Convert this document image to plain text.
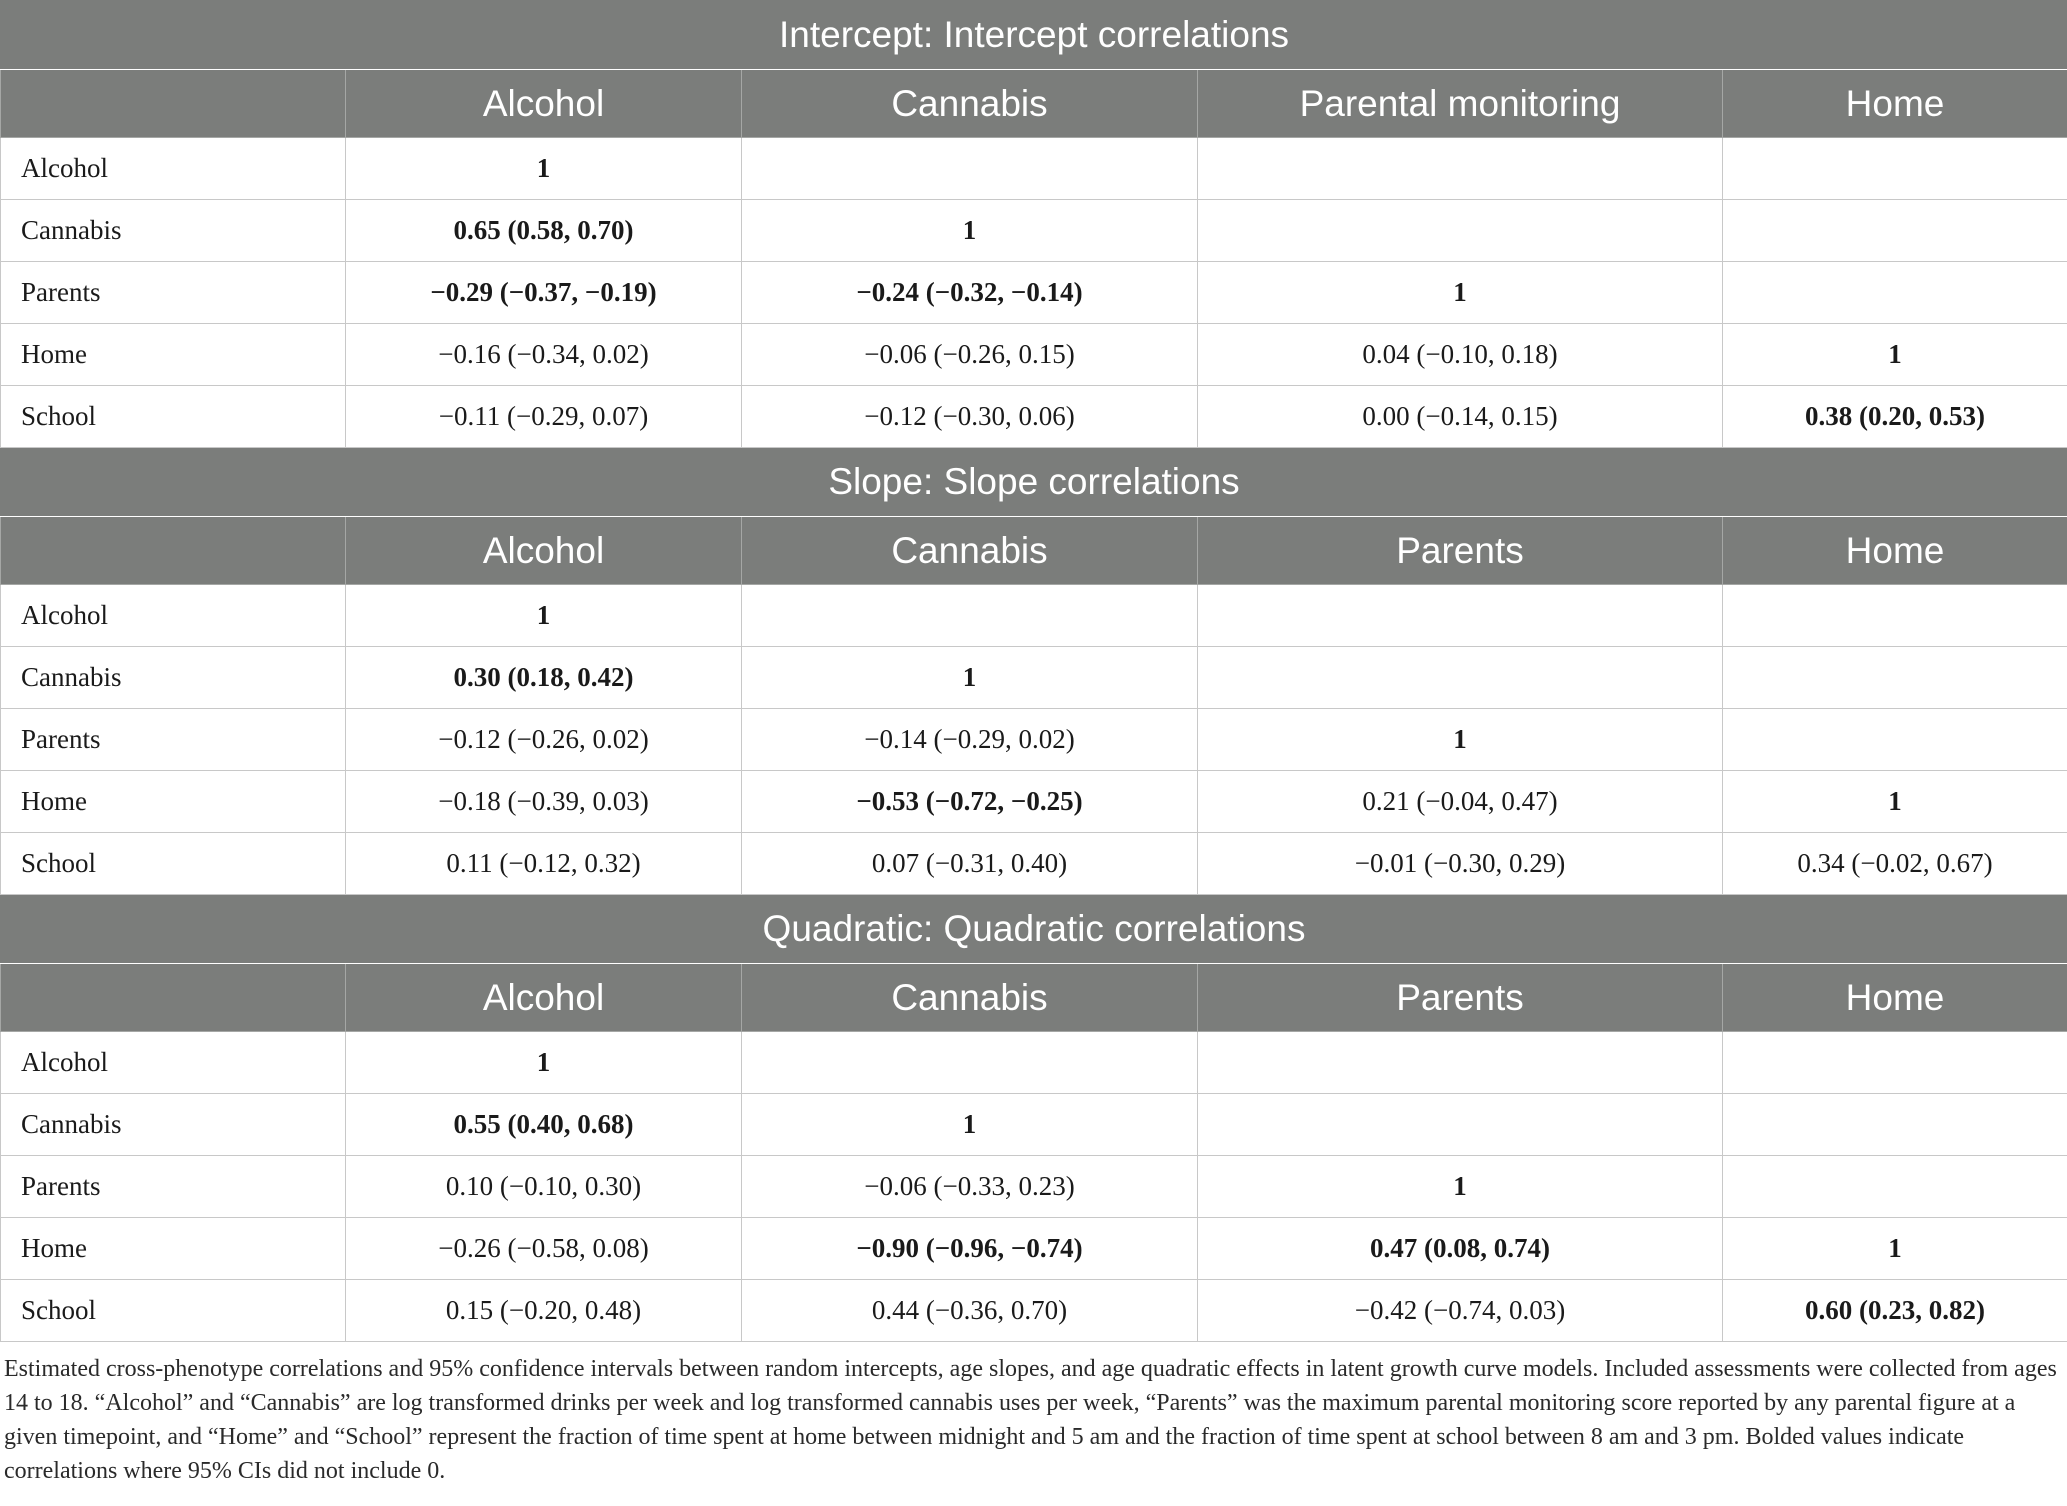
Intercept: Intercept correlations				
	Alcohol	Cannabis	Parental monitoring	Home
Alcohol	1			
Cannabis	0.65 (0.58, 0.70)	1		
Parents	−0.29 (−0.37, −0.19)	−0.24 (−0.32, −0.14)	1	
Home	−0.16 (−0.34, 0.02)	−0.06 (−0.26, 0.15)	0.04 (−0.10, 0.18)	1
School	−0.11 (−0.29, 0.07)	−0.12 (−0.30, 0.06)	0.00 (−0.14, 0.15)	0.38 (0.20, 0.53)
Slope: Slope correlations				
	Alcohol	Cannabis	Parents	Home
Alcohol	1			
Cannabis	0.30 (0.18, 0.42)	1		
Parents	−0.12 (−0.26, 0.02)	−0.14 (−0.29, 0.02)	1	
Home	−0.18 (−0.39, 0.03)	−0.53 (−0.72, −0.25)	0.21 (−0.04, 0.47)	1
School	0.11 (−0.12, 0.32)	0.07 (−0.31, 0.40)	−0.01 (−0.30, 0.29)	0.34 (−0.02, 0.67)
Quadratic: Quadratic correlations				
	Alcohol	Cannabis	Parents	Home
Alcohol	1			
Cannabis	0.55 (0.40, 0.68)	1		
Parents	0.10 (−0.10, 0.30)	−0.06 (−0.33, 0.23)	1	
Home	−0.26 (−0.58, 0.08)	−0.90 (−0.96, −0.74)	0.47 (0.08, 0.74)	1
School	0.15 (−0.20, 0.48)	0.44 (−0.36, 0.70)	−0.42 (−0.74, 0.03)	0.60 (0.23, 0.82)
Estimated cross-phenotype correlations and 95% confidence intervals between random intercepts, age slopes, and age quadratic effects in latent growth curve models. Included assessments were collected from ages 14 to 18. “Alcohol” and “Cannabis” are log transformed drinks per week and log transformed cannabis uses per week, “Parents” was the maximum parental monitoring score reported by any parental figure at a given timepoint, and “Home” and “School” represent the fraction of time spent at home between midnight and 5 am and the fraction of time spent at school between 8 am and 3 pm. Bolded values indicate correlations where 95% CIs did not include 0.
